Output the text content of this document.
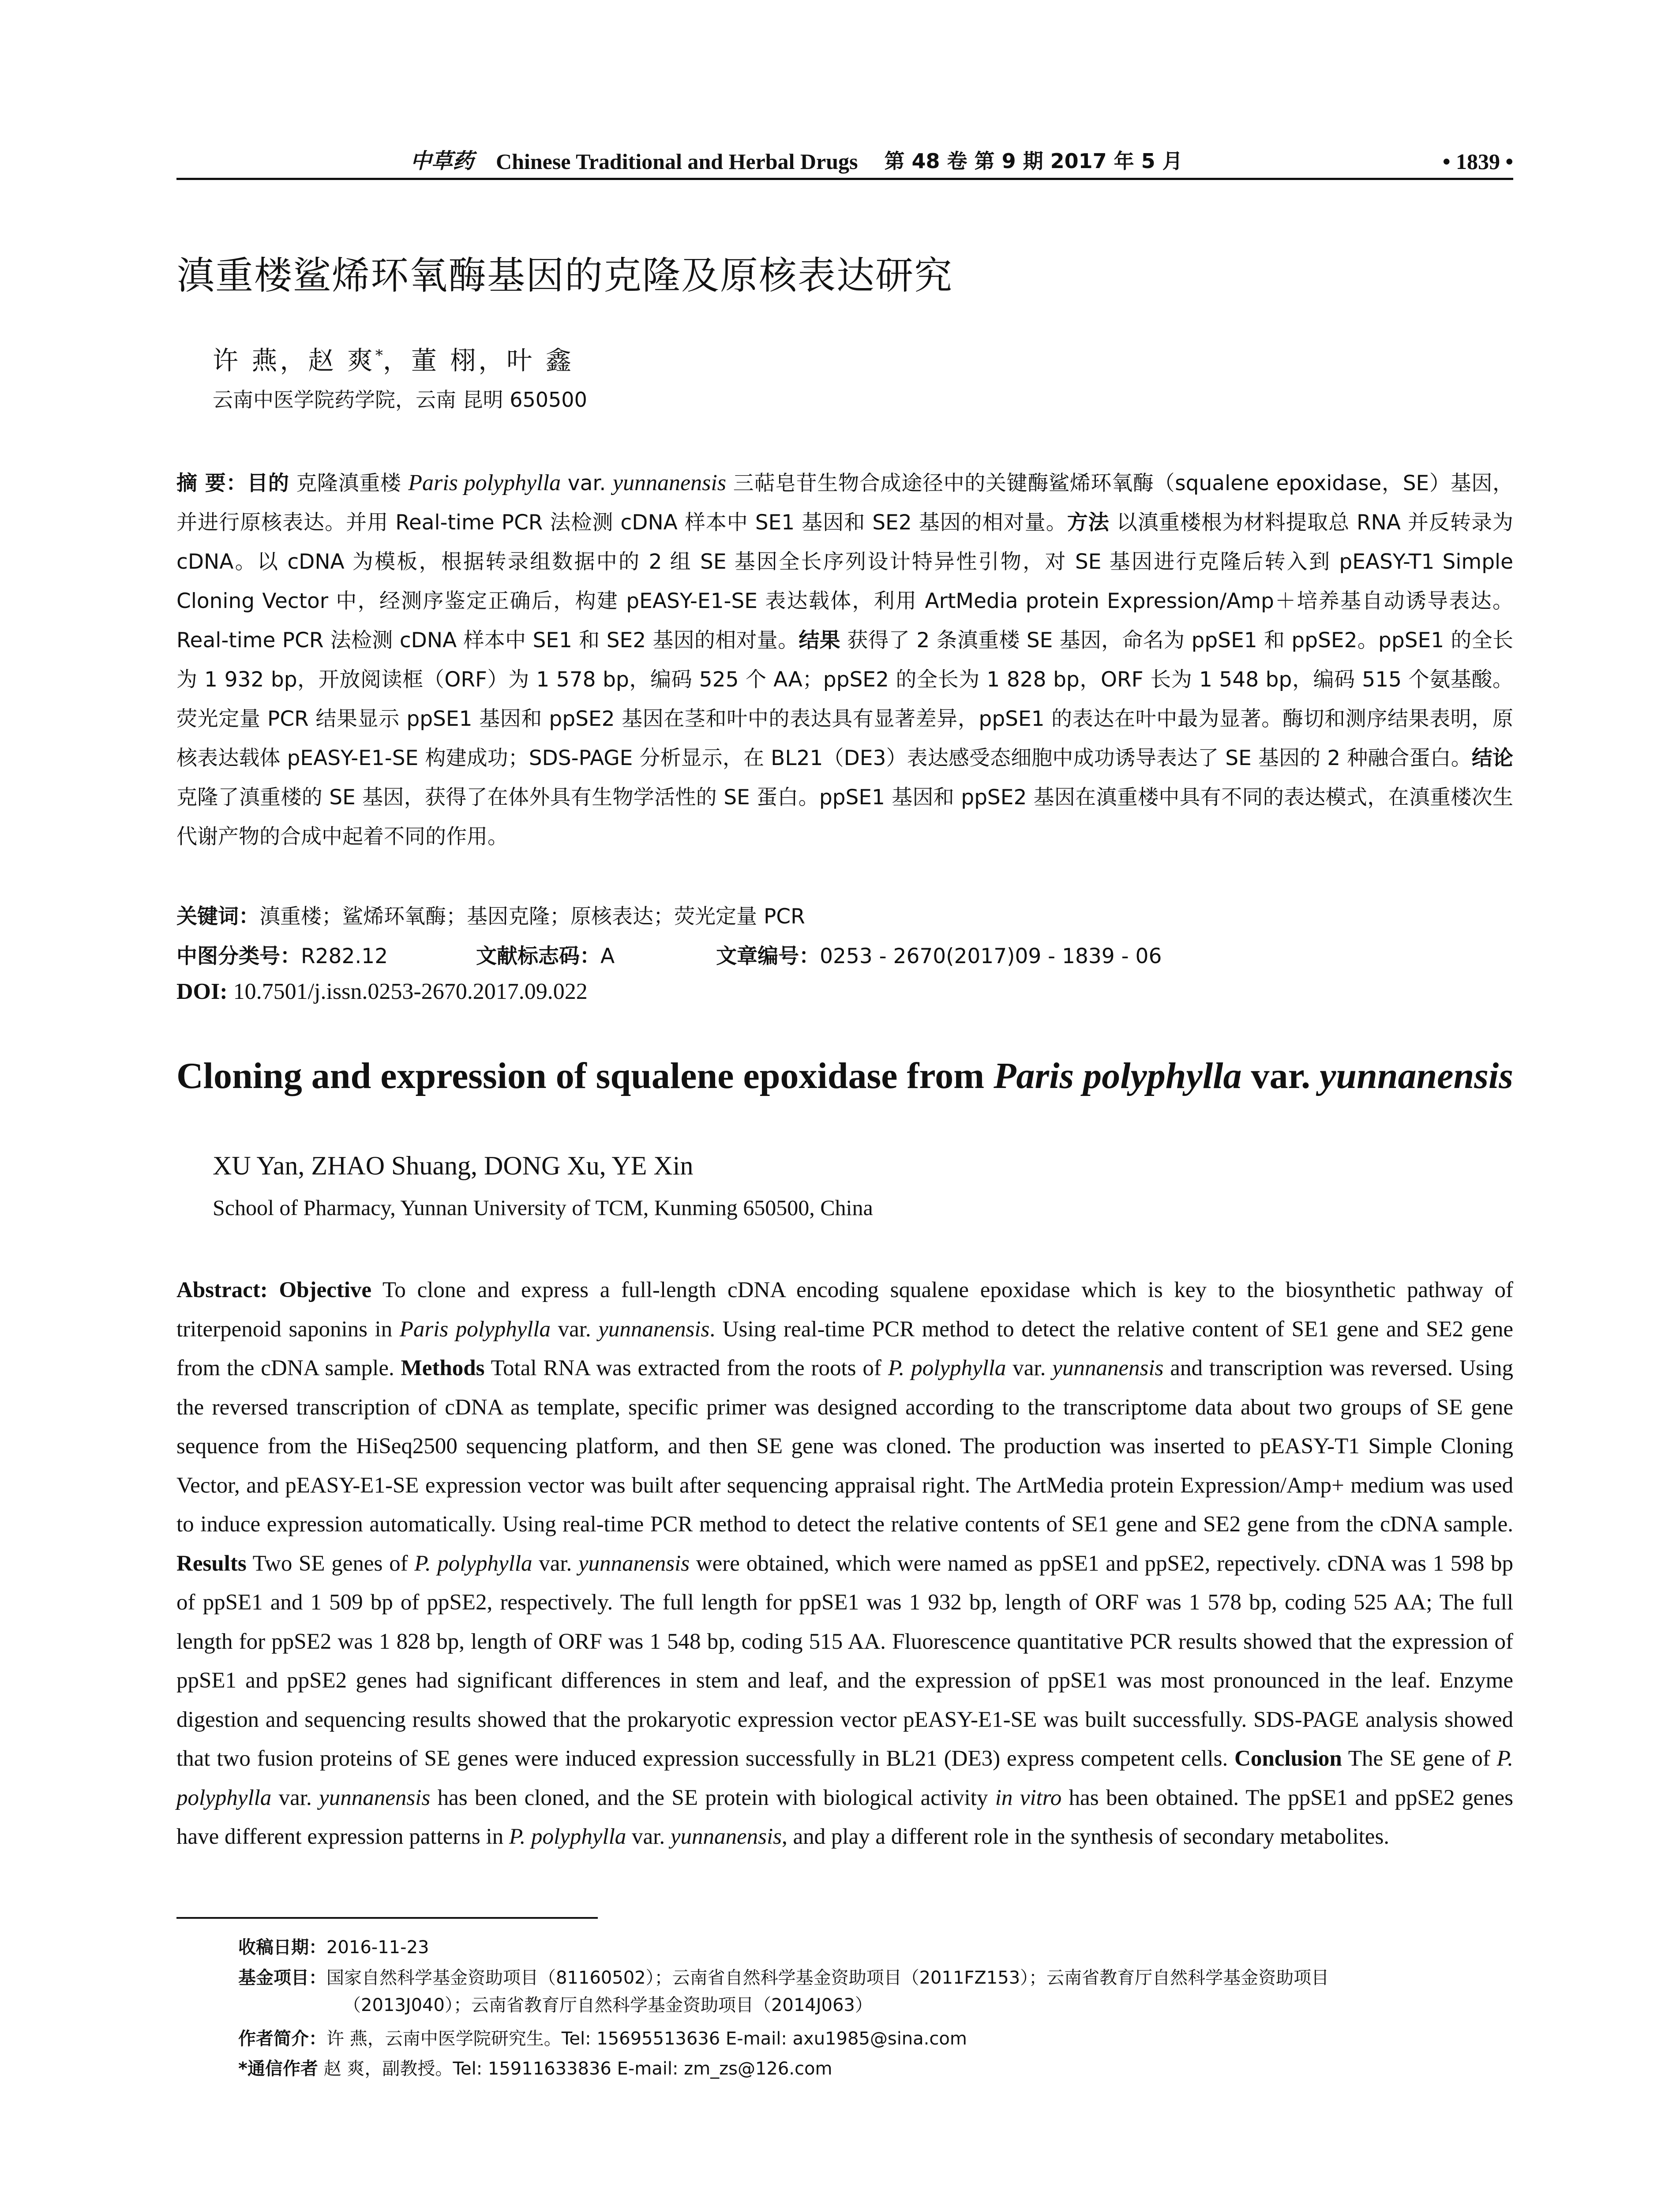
中草药 Chinese Traditional and Herbal Drugs 第 48 卷 第 9 期 2017 年 5 月	• 1839 •
滇重楼鲨烯环氧酶基因的克隆及原核表达研究
许 燕，赵 爽*，董 栩，叶 鑫
云南中医学院药学院，云南 昆明 650500
摘 要：目的 克隆滇重楼 Paris polyphylla var. yunnanensis 三萜皂苷生物合成途径中的关键酶鲨烯环氧酶（squalene epoxidase，SE）基因，并进行原核表达。并用 Real-time PCR 法检测 cDNA 样本中 SE1 基因和 SE2 基因的相对量。方法 以滇重楼根为材料提取总 RNA 并反转录为 cDNA。以 cDNA 为模板，根据转录组数据中的 2 组 SE 基因全长序列设计特异性引物，对 SE 基因进行克隆后转入到 pEASY-T1 Simple Cloning Vector 中，经测序鉴定正确后，构建 pEASY-E1-SE 表达载体，利用 ArtMedia protein Expression/Amp＋培养基自动诱导表达。Real-time PCR 法检测 cDNA 样本中 SE1 和 SE2 基因的相对量。结果 获得了 2 条滇重楼 SE 基因，命名为 ppSE1 和 ppSE2。ppSE1 的全长为 1 932 bp，开放阅读框（ORF）为 1 578 bp，编码 525 个 AA；ppSE2 的全长为 1 828 bp，ORF 长为 1 548 bp，编码 515 个氨基酸。荧光定量 PCR 结果显示 ppSE1 基因和 ppSE2 基因在茎和叶中的表达具有显著差异，ppSE1 的表达在叶中最为显著。酶切和测序结果表明，原核表达载体 pEASY-E1-SE 构建成功；SDS-PAGE 分析显示，在 BL21（DE3）表达感受态细胞中成功诱导表达了 SE 基因的 2 种融合蛋白。结论 克隆了滇重楼的 SE 基因，获得了在体外具有生物学活性的 SE 蛋白。ppSE1 基因和 ppSE2 基因在滇重楼中具有不同的表达模式，在滇重楼次生代谢产物的合成中起着不同的作用。
关键词：滇重楼；鲨烯环氧酶；基因克隆；原核表达；荧光定量 PCR
中图分类号：R282.12	文献标志码：A	文章编号：0253 - 2670(2017)09 - 1839 - 06
DOI: 10.7501/j.issn.0253-2670.2017.09.022
Cloning and expression of squalene epoxidase from Paris polyphylla var. yunnanensis
XU Yan, ZHAO Shuang, DONG Xu, YE Xin
School of Pharmacy, Yunnan University of TCM, Kunming 650500, China
Abstract: Objective To clone and express a full-length cDNA encoding squalene epoxidase which is key to the biosynthetic pathway of triterpenoid saponins in Paris polyphylla var. yunnanensis. Using real-time PCR method to detect the relative content of SE1 gene and SE2 gene from the cDNA sample. Methods Total RNA was extracted from the roots of P. polyphylla var. yunnanensis and transcription was reversed. Using the reversed transcription of cDNA as template, specific primer was designed according to the transcriptome data about two groups of SE gene sequence from the HiSeq2500 sequencing platform, and then SE gene was cloned. The production was inserted to pEASY-T1 Simple Cloning Vector, and pEASY-E1-SE expression vector was built after sequencing appraisal right. The ArtMedia protein Expression/Amp+ medium was used to induce expression automatically. Using real-time PCR method to detect the relative contents of SE1 gene and SE2 gene from the cDNA sample. Results Two SE genes of P. polyphylla var. yunnanensis were obtained, which were named as ppSE1 and ppSE2, repectively. cDNA was 1 598 bp of ppSE1 and 1 509 bp of ppSE2, respectively. The full length for ppSE1 was 1 932 bp, length of ORF was 1 578 bp, coding 525 AA; The full length for ppSE2 was 1 828 bp, length of ORF was 1 548 bp, coding 515 AA. Fluorescence quantitative PCR results showed that the expression of ppSE1 and ppSE2 genes had significant differences in stem and leaf, and the expression of ppSE1 was most pronounced in the leaf. Enzyme digestion and sequencing results showed that the prokaryotic expression vector pEASY-E1-SE was built successfully. SDS-PAGE analysis showed that two fusion proteins of SE genes were induced expression successfully in BL21 (DE3) express competent cells. Conclusion The SE gene of P. polyphylla var. yunnanensis has been cloned, and the SE protein with biological activity in vitro has been obtained. The ppSE1 and ppSE2 genes have different expression patterns in P. polyphylla var. yunnanensis, and play a different role in the synthesis of secondary metabolites.
收稿日期：2016-11-23
基金项目：国家自然科学基金资助项目（81160502）；云南省自然科学基金资助项目（2011FZ153）；云南省教育厅自然科学基金资助项目
（2013J040）；云南省教育厅自然科学基金资助项目（2014J063）
作者简介：许 燕，云南中医学院研究生。Tel: 15695513636 E-mail: axu1985@sina.com
*通信作者 赵 爽，副教授。Tel: 15911633836 E-mail: zm_zs@126.com
